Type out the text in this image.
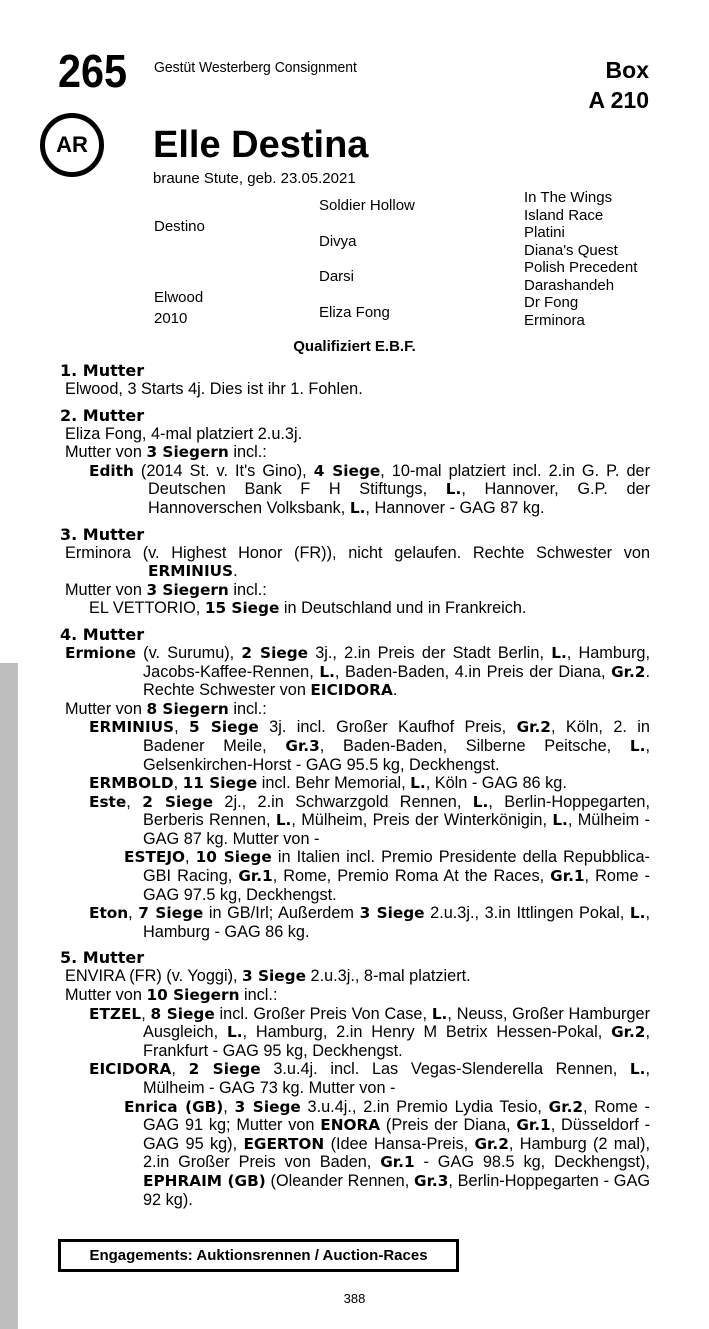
265 Gestüt Westerberg Consignment	Box
A 210
AR	Elle Destina
braune Stute, geb. 23.05.2021
Destino
Elwood
2010
Soldier Hollow
Divya
Darsi
Eliza Fong
In The Wings
Island Race
Platini
Diana's Quest
Polish Precedent
Darashandeh
Dr Fong
Erminora
Qualifiziert E.B.F.
1. Mutter
Elwood, 3 Starts 4j. Dies ist ihr 1. Fohlen.
2. Mutter
Eliza Fong, 4-mal platziert 2.u.3j.
Mutter von 3 Siegern incl.:
Edith (2014 St. v. It's Gino), 4 Siege, 10-mal platziert incl. 2.in G. P. der Deutschen Bank F H Stiftungs, L., Hannover, G.P. der Hannoverschen Volksbank, L., Hannover - GAG 87 kg.
3. Mutter
Erminora (v. Highest Honor (FR)), nicht gelaufen. Rechte Schwester von ERMINIUS.
Mutter von 3 Siegern incl.:
EL VETTORIO, 15 Siege in Deutschland und in Frankreich.
4. Mutter
Ermione (v. Surumu), 2 Siege 3j., 2.in Preis der Stadt Berlin, L., Hamburg, Jacobs-Kaffee-Rennen, L., Baden-Baden, 4.in Preis der Diana, Gr.2. Rechte Schwester von EICIDORA.
Mutter von 8 Siegern incl.:
ERMINIUS, 5 Siege 3j. incl. Großer Kaufhof Preis, Gr.2, Köln, 2. in Badener Meile, Gr.3, Baden-Baden, Silberne Peitsche, L., Gelsenkirchen-Horst - GAG 95.5 kg, Deckhengst.
ERMBOLD, 11 Siege incl. Behr Memorial, L., Köln - GAG 86 kg.
Este, 2 Siege 2j., 2.in Schwarzgold Rennen, L., Berlin-Hoppegarten, Berberis Rennen, L., Mülheim, Preis der Winterkönigin, L., Mülheim - GAG 87 kg. Mutter von -
ESTEJO, 10 Siege in Italien incl. Premio Presidente della Repubblica-GBI Racing, Gr.1, Rome, Premio Roma At the Races, Gr.1, Rome - GAG 97.5 kg, Deckhengst.
Eton, 7 Siege in GB/Irl; Außerdem 3 Siege 2.u.3j., 3.in Ittlingen Pokal, L., Hamburg - GAG 86 kg.
5. Mutter
ENVIRA (FR) (v. Yoggi), 3 Siege 2.u.3j., 8-mal platziert.
Mutter von 10 Siegern incl.:
ETZEL, 8 Siege incl. Großer Preis Von Case, L., Neuss, Großer Hamburger Ausgleich, L., Hamburg, 2.in Henry M Betrix Hessen-Pokal, Gr.2, Frankfurt - GAG 95 kg, Deckhengst.
EICIDORA, 2 Siege 3.u.4j. incl. Las Vegas-Slenderella Rennen, L., Mülheim - GAG 73 kg. Mutter von -
Enrica (GB), 3 Siege 3.u.4j., 2.in Premio Lydia Tesio, Gr.2, Rome - GAG 91 kg; Mutter von ENORA (Preis der Diana, Gr.1, Düsseldorf - GAG 95 kg), EGERTON (Idee Hansa-Preis, Gr.2, Hamburg (2 mal), 2.in Großer Preis von Baden, Gr.1 - GAG 98.5 kg, Deckhengst), EPHRAIM (GB) (Oleander Rennen, Gr.3, Berlin-Hoppegarten - GAG 92 kg).
Engagements: Auktionsrennen / Auction-Races
388
